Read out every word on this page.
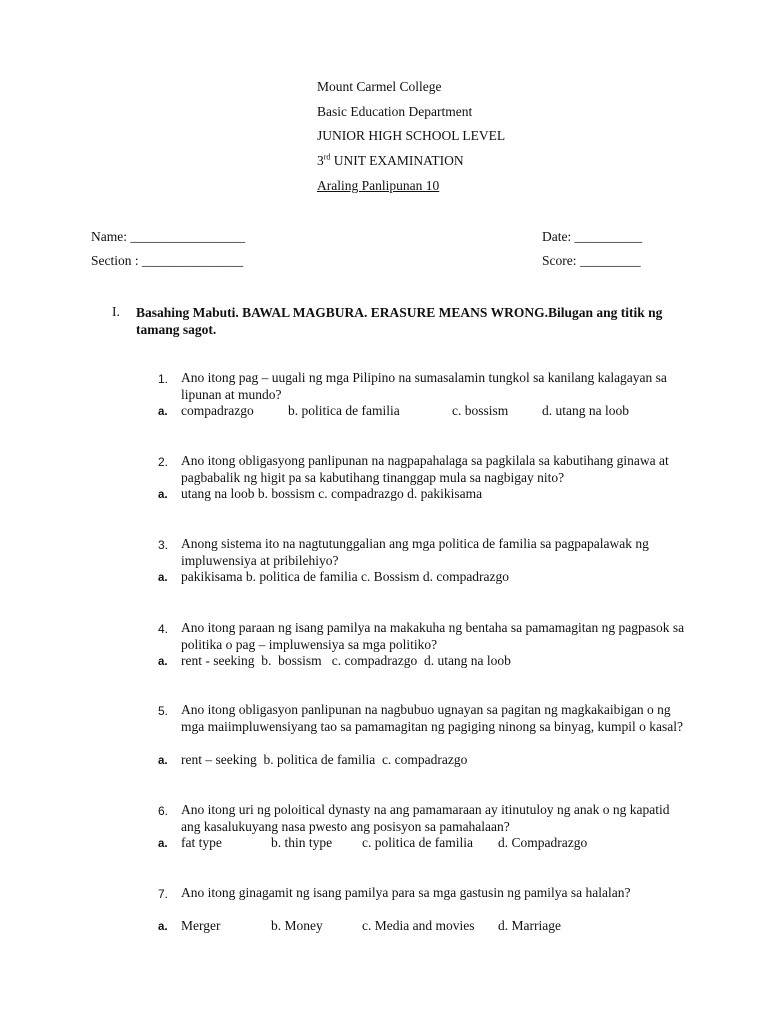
Mount Carmel College
Basic Education Department
JUNIOR HIGH SCHOOL LEVEL
3rd UNIT EXAMINATION
Araling Panlipunan 10
Name: _________________	Date: __________
Section : _______________	Score: _________
I. Basahing Mabuti. BAWAL MAGBURA. ERASURE MEANS WRONG.Bilugan ang titik ng tamang sagot.
1. Ano itong pag – uugali ng mga Pilipino na sumasalamin tungkol sa kanilang kalagayan sa lipunan at mundo?
a. compadrazgo	b. politica de familia	c. bossism d. utang na loob
2. Ano itong obligasyong panlipunan na nagpapahalaga sa pagkilala sa kabutihang ginawa at pagbabalik ng higit pa sa kabutihang tinanggap mula sa nagbigay nito?
a. utang na loob b. bossism c. compadrazgo d. pakikisama
3. Anong sistema ito na nagtutunggalian ang mga politica de familia sa pagpapalawak ng impluwensiya at pribilehiyo?
a. pakikisama b. politica de familia c. Bossism d. compadrazgo
4. Ano itong paraan ng isang pamilya na makakuha ng bentaha sa pamamagitan ng pagpasok sa politika o pag – impluwensiya sa mga politiko?
a. rent - seeking  b.  bossism   c. compadrazgo  d. utang na loob
5. Ano itong obligasyon panlipunan na nagbubuo ugnayan sa pagitan ng magkakaibigan o ng mga maiimpluwensiyang tao sa pamamagitan ng pagiging ninong sa binyag, kumpil o kasal?
a. rent – seeking  b. politica de familia  c. compadrazgo
6. Ano itong uri ng poloitical dynasty na ang pamamaraan ay itinutuloy ng anak o ng kapatid ang kasalukuyang nasa pwesto ang posisyon sa pamahalaan?
a. fat type	b. thin type c. politica de familia d. Compadrazgo
7. Ano itong ginagamit ng isang pamilya para sa mga gastusin ng pamilya sa halalan?
a. Merger	b. Money	c. Media and movies d. Marriage
